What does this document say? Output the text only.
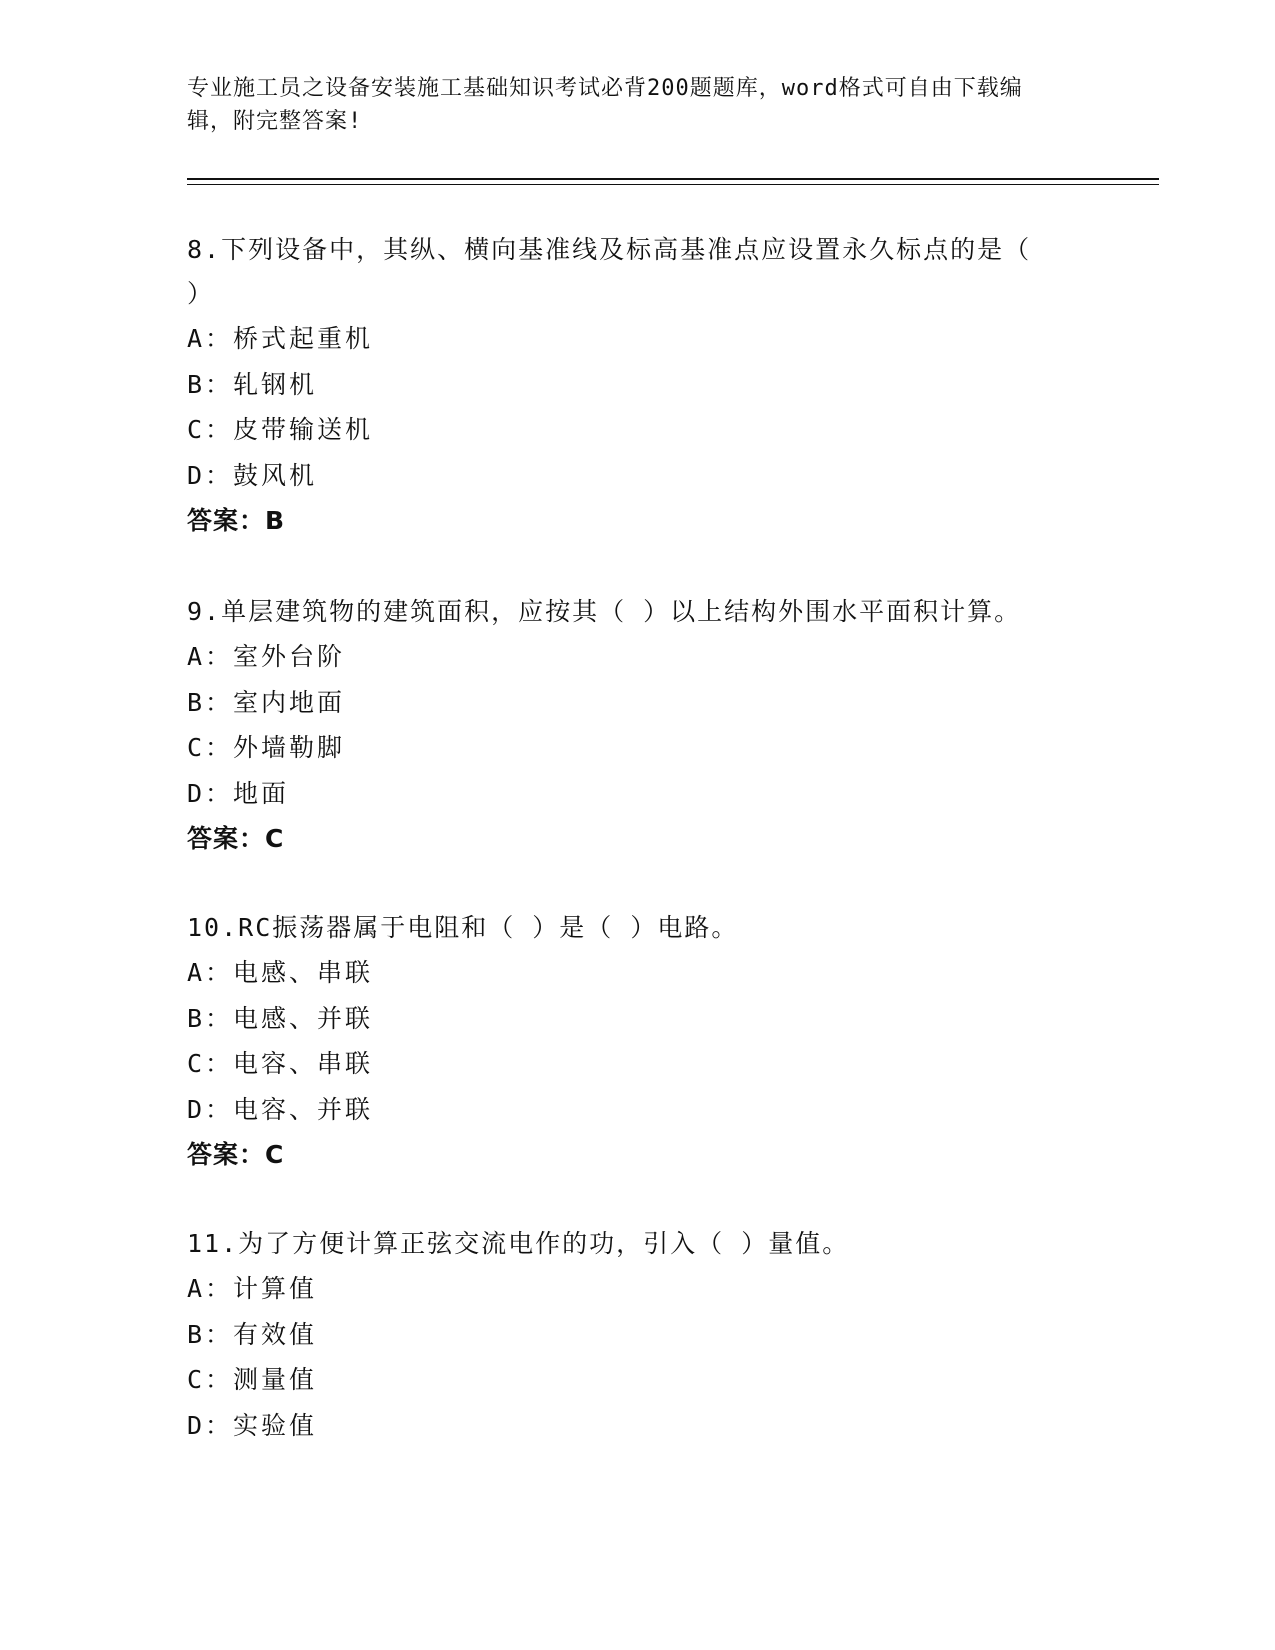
专业施工员之设备安装施工基础知识考试必背200题题库，word格式可自由下载编辑，附完整答案!

8.下列设备中，其纵、横向基准线及标高基准点应设置永久标点的是（ ）

A：桥式起重机

B：轧钢机

C：皮带输送机

D：鼓风机

答案：B

9.单层建筑物的建筑面积，应按其（ ）以上结构外围水平面积计算。

A：室外台阶

B：室内地面

C：外墙勒脚

D：地面

答案：C

10.RC振荡器属于电阻和（ ）是（ ）电路。

A：电感、串联

B：电感、并联

C：电容、串联

D：电容、并联

答案：C

11.为了方便计算正弦交流电作的功，引入（ ）量值。

A：计算值

B：有效值

C：测量值

D：实验值
